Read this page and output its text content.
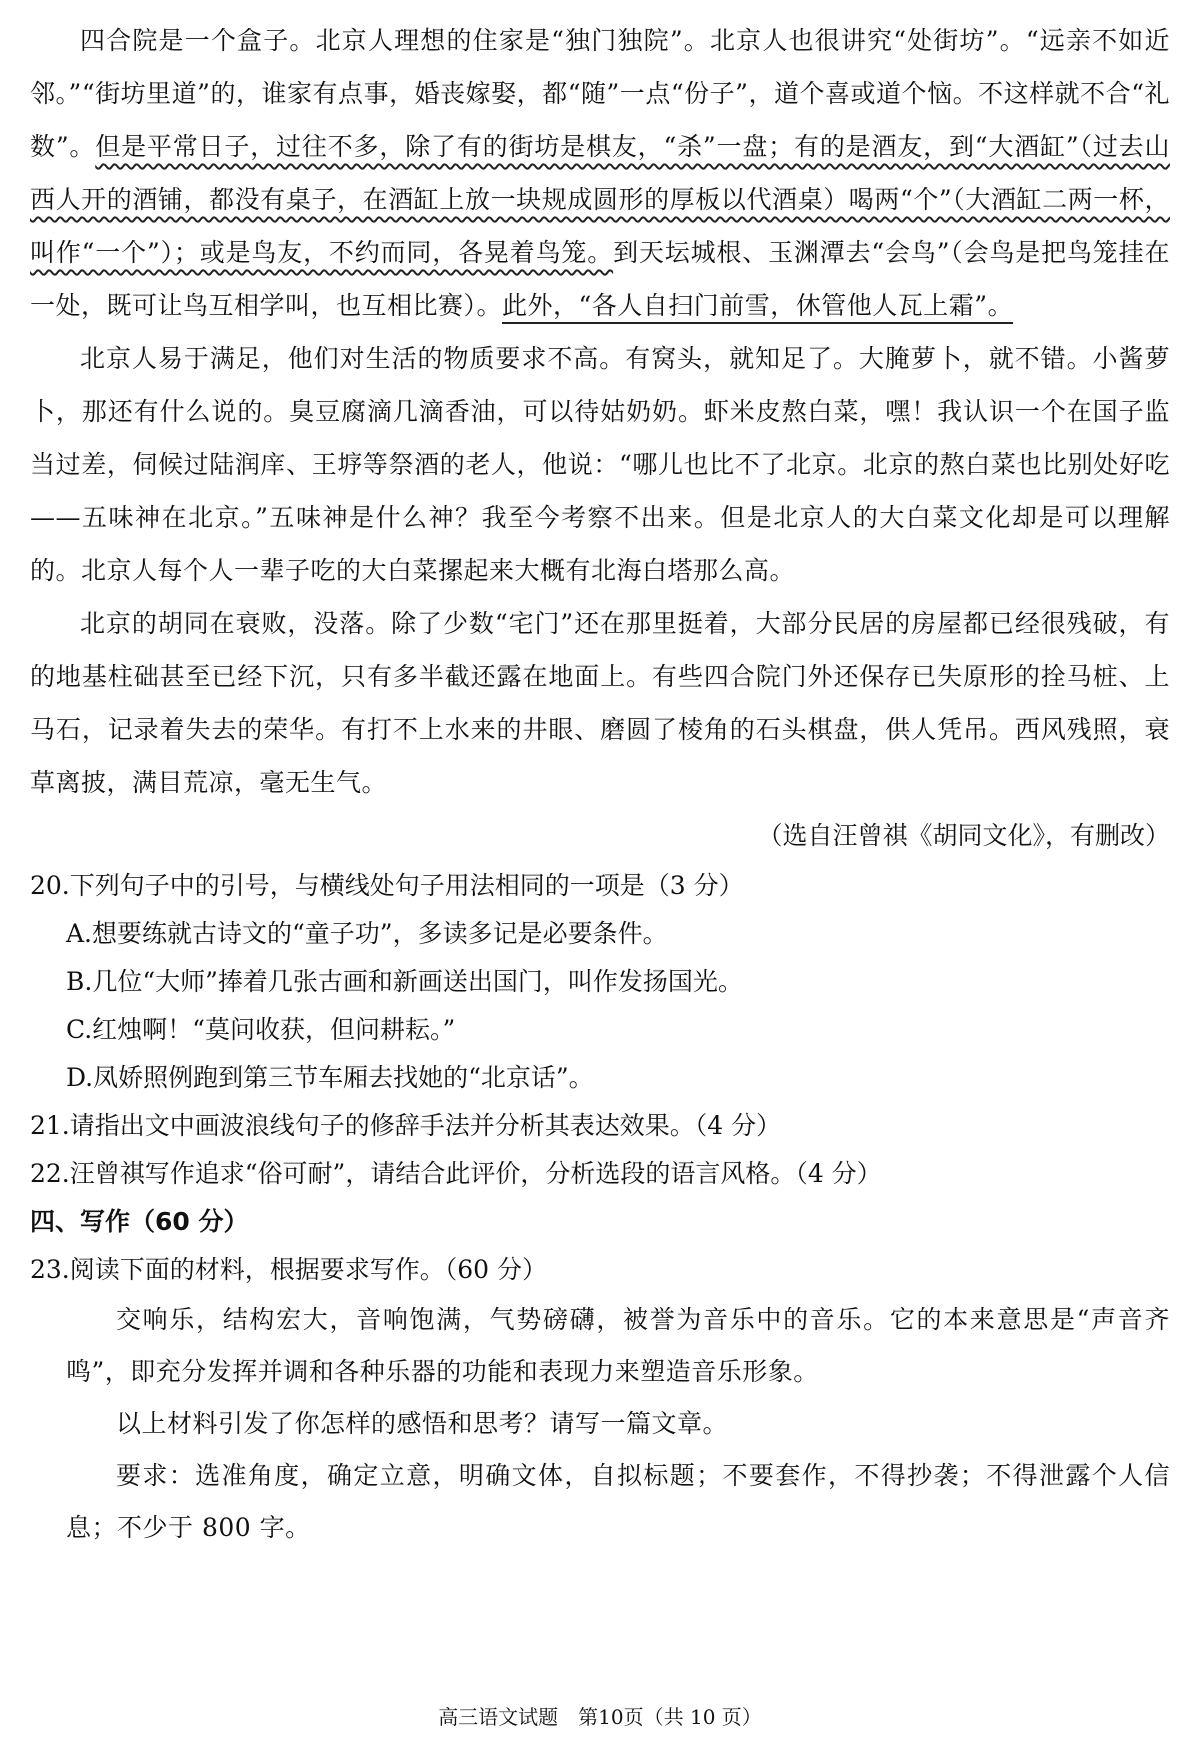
四合院是一个盒子。北京人理想的住家是“独门独院”。北京人也很讲究“处街坊”。“远亲不如近邻。”“街坊里道”的，谁家有点事，婚丧嫁娶，都“随”一点“份子”，道个喜或道个恼。不这样就不合“礼数”。但是平常日子，过往不多，除了有的街坊是棋友，“杀”一盘；有的是酒友，到“大酒缸”（过去山西人开的酒铺，都没有桌子，在酒缸上放一块规成圆形的厚板以代酒桌）喝两“个”（大酒缸二两一杯，叫作“一个”）；或是鸟友，不约而同，各晃着鸟笼。到天坛城根、玉渊潭去“会鸟”（会鸟是把鸟笼挂在一处，既可让鸟互相学叫，也互相比赛）。此外，“各人自扫门前雪，休管他人瓦上霜”。

北京人易于满足，他们对生活的物质要求不高。有窝头，就知足了。大腌萝卜，就不错。小酱萝卜，那还有什么说的。臭豆腐滴几滴香油，可以待姑奶奶。虾米皮熬白菜，嘿！我认识一个在国子监当过差，伺候过陆润庠、王垿等祭酒的老人，他说：“哪儿也比不了北京。北京的熬白菜也比别处好吃——五味神在北京。”五味神是什么神？我至今考察不出来。但是北京人的大白菜文化却是可以理解的。北京人每个人一辈子吃的大白菜摞起来大概有北海白塔那么高。

北京的胡同在衰败，没落。除了少数“宅门”还在那里挺着，大部分民居的房屋都已经很残破，有的地基柱础甚至已经下沉，只有多半截还露在地面上。有些四合院门外还保存已失原形的拴马桩、上马石，记录着失去的荣华。有打不上水来的井眼、磨圆了棱角的石头棋盘，供人凭吊。西风残照，衰草离披，满目荒凉，毫无生气。

（选自汪曾祺《胡同文化》，有删改）

20.下列句子中的引号，与横线处句子用法相同的一项是（3 分）

A.想要练就古诗文的“童子功”，多读多记是必要条件。

B.几位“大师”捧着几张古画和新画送出国门，叫作发扬国光。

C.红烛啊！“莫问收获，但问耕耘。”

D.凤娇照例跑到第三节车厢去找她的“北京话”。

21.请指出文中画波浪线句子的修辞手法并分析其表达效果。（4 分）

22.汪曾祺写作追求“俗可耐”，请结合此评价，分析选段的语言风格。（4 分）

四、写作（60 分）

23.阅读下面的材料，根据要求写作。（60 分）

交响乐，结构宏大，音响饱满，气势磅礴，被誉为音乐中的音乐。它的本来意思是“声音齐鸣”，即充分发挥并调和各种乐器的功能和表现力来塑造音乐形象。

以上材料引发了你怎样的感悟和思考？请写一篇文章。

要求：选准角度，确定立意，明确文体，自拟标题；不要套作，不得抄袭；不得泄露个人信息；不少于 800 字。

高三语文试题　第10页（共 10 页）
